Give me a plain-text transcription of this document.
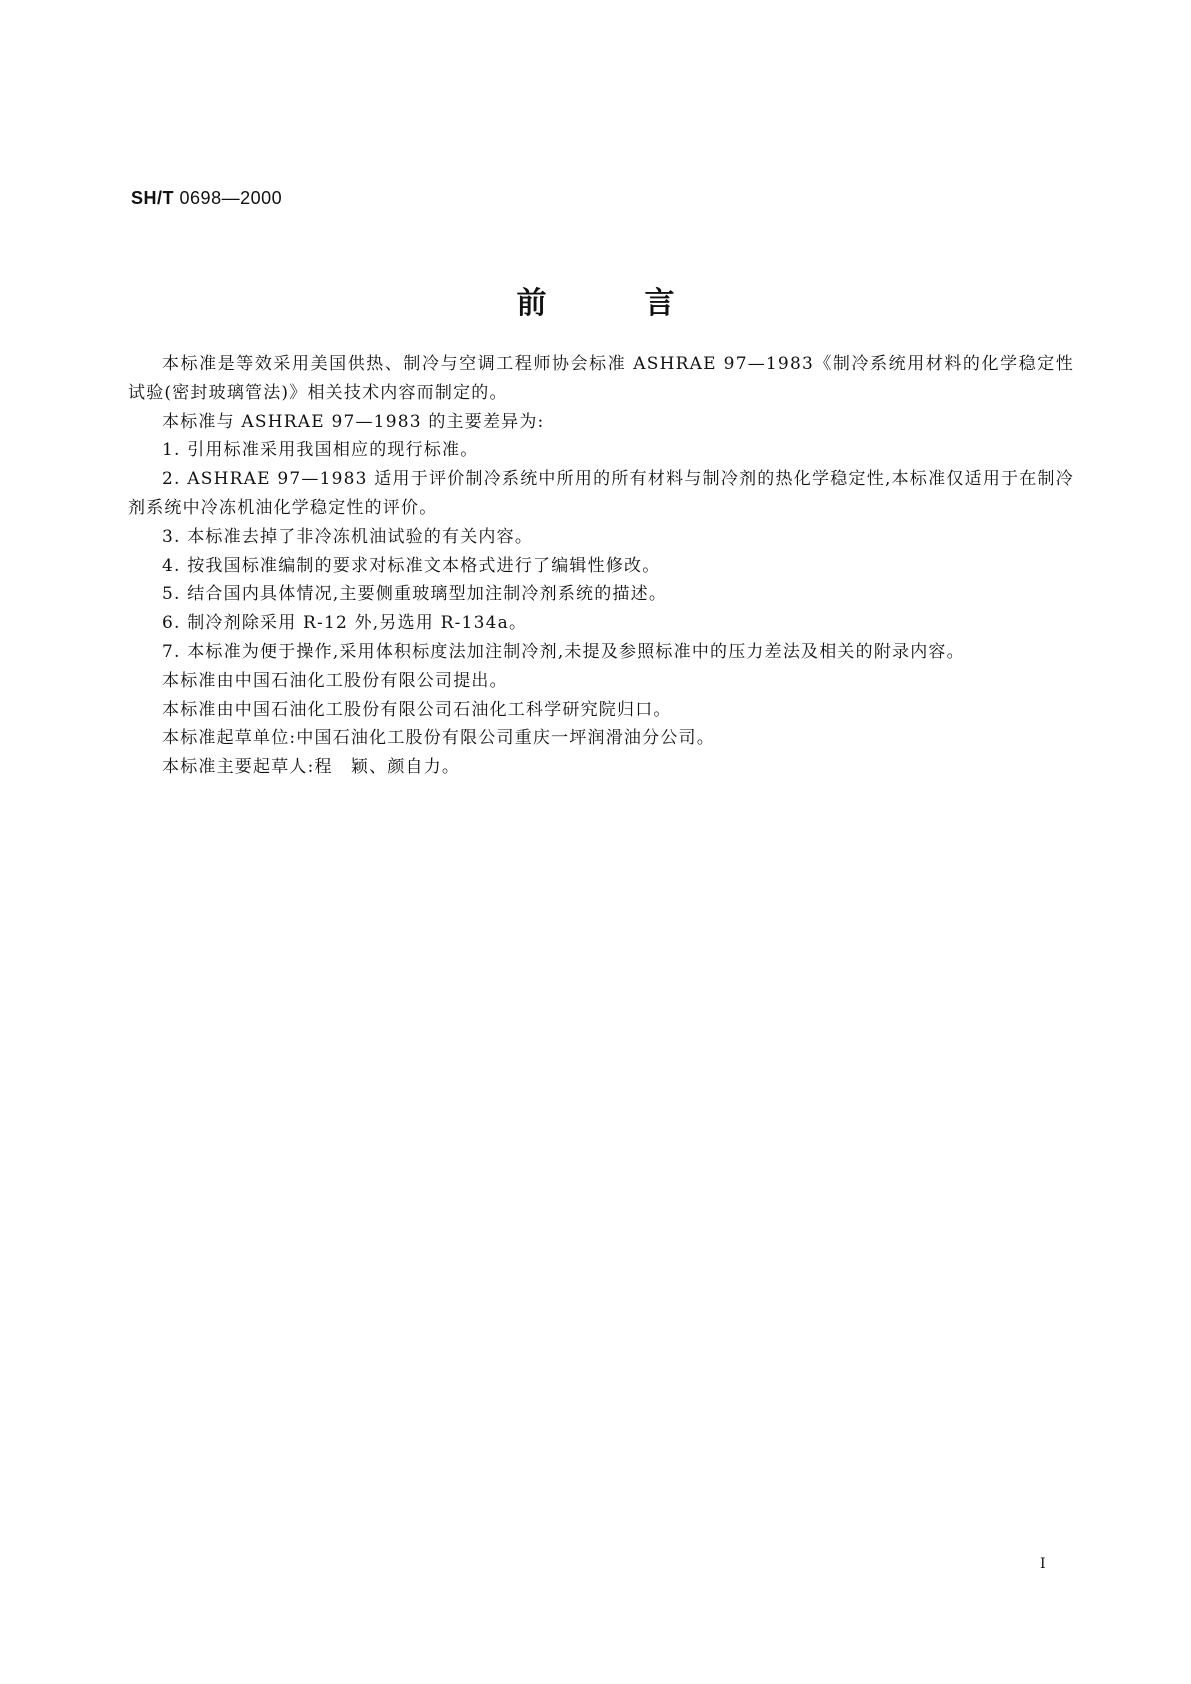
SH/T 0698—2000
前	言

本标准是等效采用美国供热、制冷与空调工程师协会标准 ASHRAE 97—1983《制冷系统用材料的化学稳定性试验(密封玻璃管法)》相关技术内容而制定的。

本标准与 ASHRAE 97—1983 的主要差异为:

1. 引用标准采用我国相应的现行标准。

2. ASHRAE 97—1983 适用于评价制冷系统中所用的所有材料与制冷剂的热化学稳定性,本标准仅适用于在制冷剂系统中冷冻机油化学稳定性的评价。

3. 本标准去掉了非冷冻机油试验的有关内容。

4. 按我国标准编制的要求对标准文本格式进行了编辑性修改。

5. 结合国内具体情况,主要侧重玻璃型加注制冷剂系统的描述。

6. 制冷剂除采用 R-12 外,另选用 R-134a。

7. 本标准为便于操作,采用体积标度法加注制冷剂,未提及参照标准中的压力差法及相关的附录内容。

本标准由中国石油化工股份有限公司提出。

本标准由中国石油化工股份有限公司石油化工科学研究院归口。

本标准起草单位:中国石油化工股份有限公司重庆一坪润滑油分公司。

本标准主要起草人:程　颖、颜自力。

I
